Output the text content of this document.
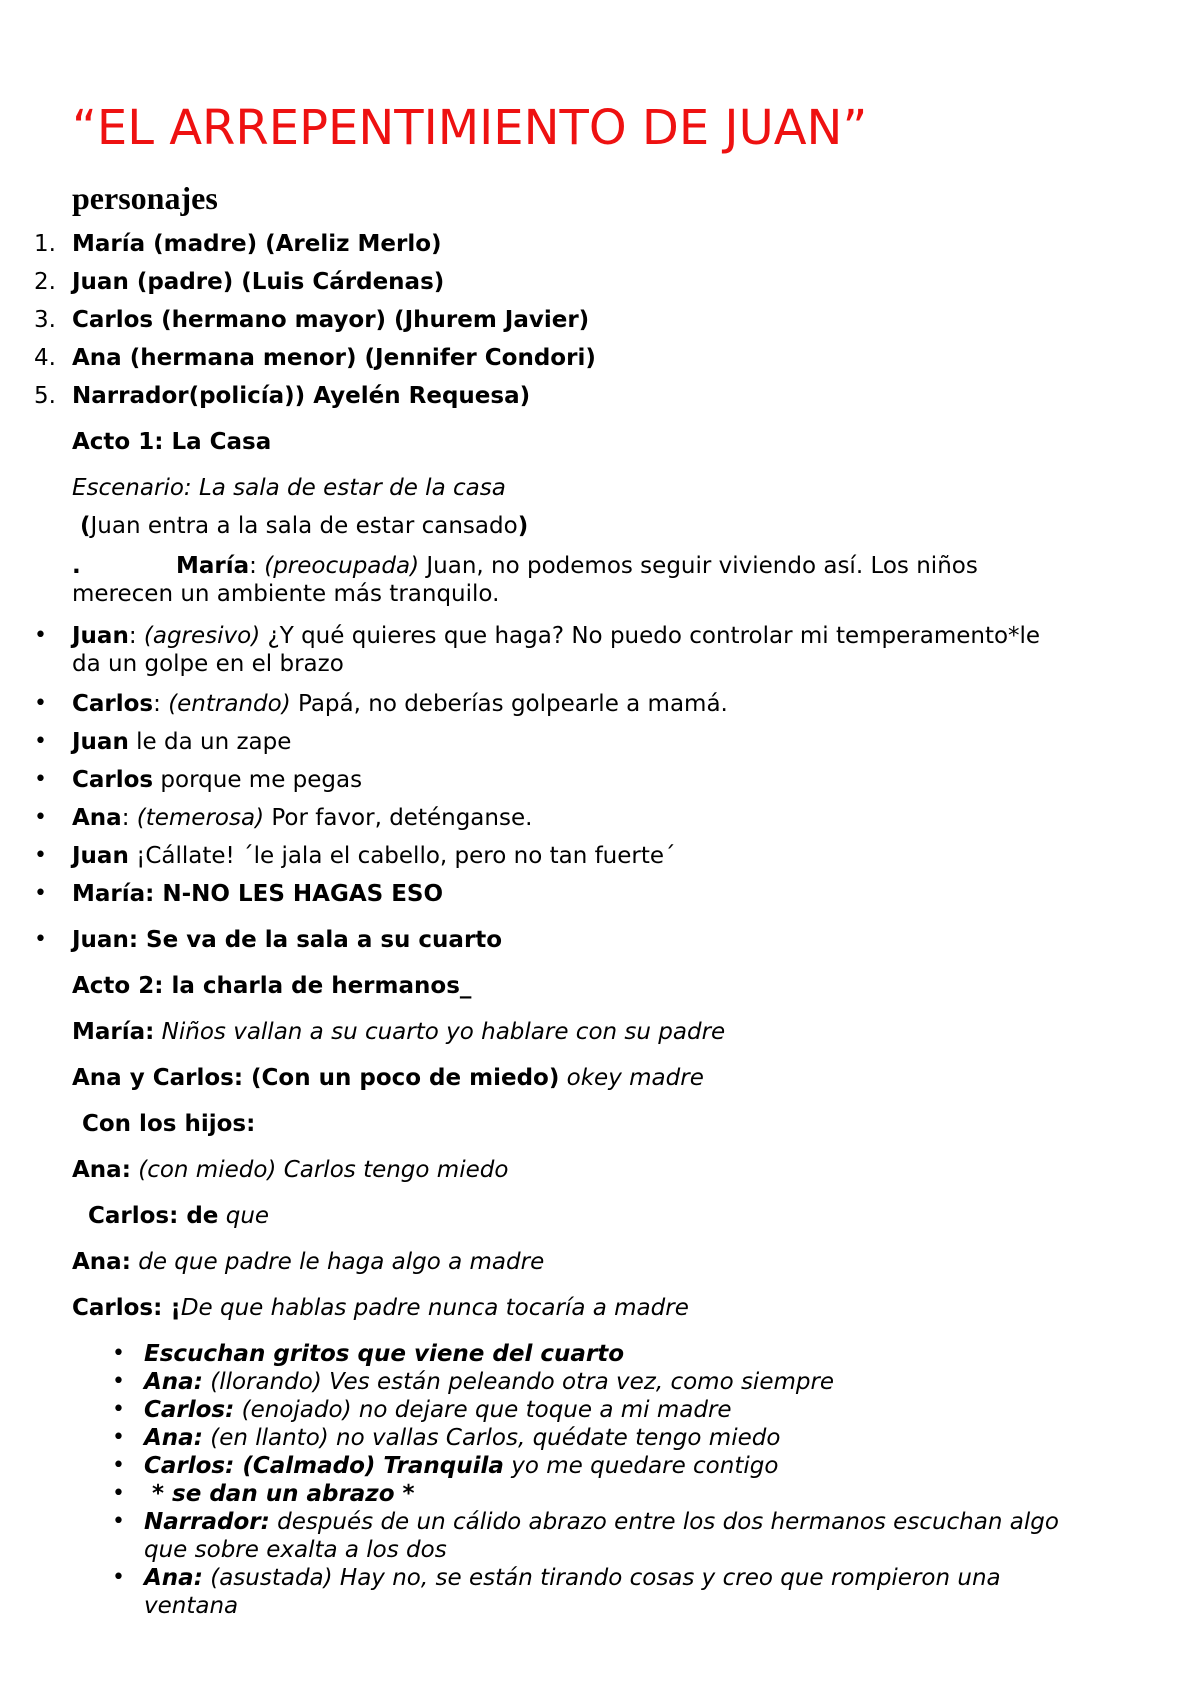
“EL ARREPENTIMIENTO DE JUAN”
personajes
1. María (madre) (Areliz Merlo)
2. Juan (padre) (Luis Cárdenas)
3. Carlos (hermano mayor) (Jhurem Javier)
4. Ana (hermana menor) (Jennifer Condori)
5. Narrador(policía)) Ayelén Requesa)
Acto 1: La Casa
Escenario: La sala de estar de la casa
(Juan entra a la sala de estar cansado)
.	María: (preocupada) Juan, no podemos seguir viviendo así. Los niños
merecen un ambiente más tranquilo.
• Juan: (agresivo) ¿Y qué quieres que haga? No puedo controlar mi temperamento*le
da un golpe en el brazo
• Carlos: (entrando) Papá, no deberías golpearle a mamá.
• Juan le da un zape
• Carlos porque me pegas
• Ana: (temerosa) Por favor, deténganse.
• Juan ¡Cállate! ´le jala el cabello, pero no tan fuerte´
• María: N-NO LES HAGAS ESO
• Juan: Se va de la sala a su cuarto
Acto 2: la charla de hermanos_
María: Niños vallan a su cuarto yo hablare con su padre
Ana y Carlos: (Con un poco de miedo) okey madre
Con los hijos:
Ana: (con miedo) Carlos tengo miedo
Carlos: de que
Ana: de que padre le haga algo a madre
Carlos: ¡De que hablas padre nunca tocaría a madre
• Escuchan gritos que viene del cuarto
• Ana: (llorando) Ves están peleando otra vez, como siempre
• Carlos: (enojado) no dejare que toque a mi madre
• Ana: (en llanto) no vallas Carlos, quédate tengo miedo
• Carlos: (Calmado) Tranquila yo me quedare contigo
• * se dan un abrazo *
• Narrador: después de un cálido abrazo entre los dos hermanos escuchan algo
que sobre exalta a los dos
• Ana: (asustada) Hay no, se están tirando cosas y creo que rompieron una
ventana
